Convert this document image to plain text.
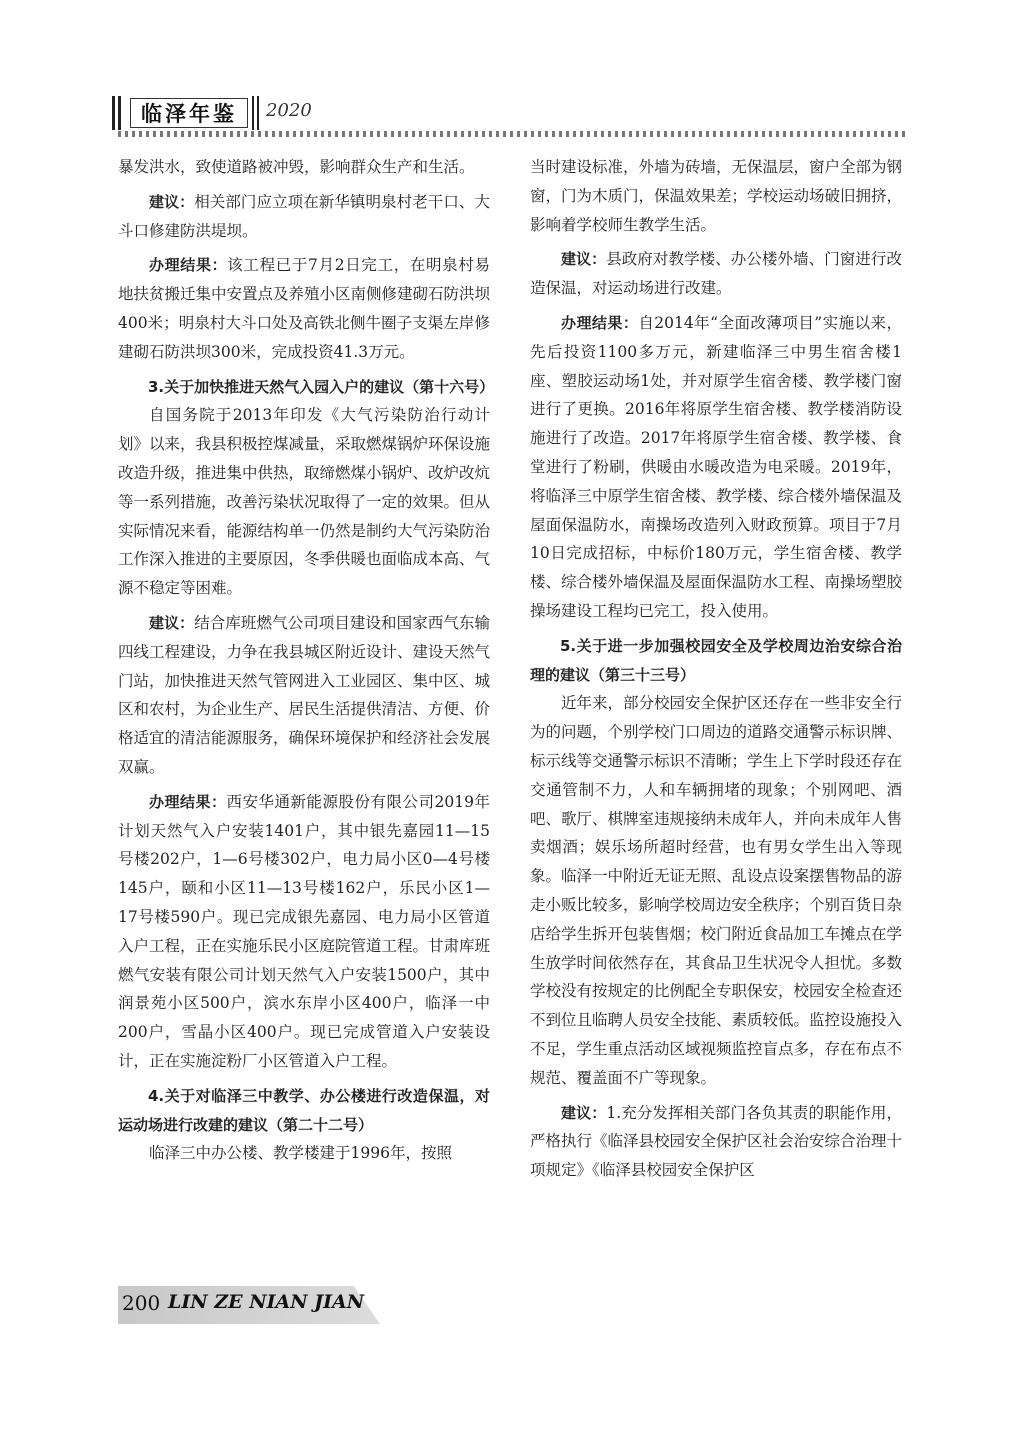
临泽年鉴	2020

暴发洪水，致使道路被冲毁，影响群众生产和生活。

建议：相关部门应立项在新华镇明泉村老干口、大斗口修建防洪堤坝。

办理结果：该工程已于7月2日完工，在明泉村易地扶贫搬迁集中安置点及养殖小区南侧修建砌石防洪坝400米；明泉村大斗口处及高铁北侧牛圈子支渠左岸修建砌石防洪坝300米，完成投资41.3万元。

3.关于加快推进天然气入园入户的建议（第十六号）

自国务院于2013年印发《大气污染防治行动计划》以来，我县积极控煤减量，采取燃煤锅炉环保设施改造升级，推进集中供热，取缔燃煤小锅炉、改炉改炕等一系列措施，改善污染状况取得了一定的效果。但从实际情况来看，能源结构单一仍然是制约大气污染防治工作深入推进的主要原因，冬季供暖也面临成本高、气源不稳定等困难。

建议：结合库班燃气公司项目建设和国家西气东输四线工程建设，力争在我县城区附近设计、建设天然气门站，加快推进天然气管网进入工业园区、集中区、城区和农村，为企业生产、居民生活提供清洁、方便、价格适宜的清洁能源服务，确保环境保护和经济社会发展双赢。

办理结果：西安华通新能源股份有限公司2019年计划天然气入户安装1401户，其中银先嘉园11—15号楼202户，1—6号楼302户，电力局小区0—4号楼145户，颐和小区11—13号楼162户，乐民小区1—17号楼590户。现已完成银先嘉园、电力局小区管道入户工程，正在实施乐民小区庭院管道工程。甘肃库班燃气安装有限公司计划天然气入户安装1500户，其中润景苑小区500户，滨水东岸小区400户，临泽一中200户，雪晶小区400户。现已完成管道入户安装设计，正在实施淀粉厂小区管道入户工程。

4.关于对临泽三中教学、办公楼进行改造保温，对运动场进行改建的建议（第二十二号）

临泽三中办公楼、教学楼建于1996年，按照

当时建设标准，外墙为砖墙，无保温层，窗户全部为钢窗，门为木质门，保温效果差；学校运动场破旧拥挤，影响着学校师生教学生活。

建议：县政府对教学楼、办公楼外墙、门窗进行改造保温，对运动场进行改建。

办理结果：自2014年“全面改薄项目”实施以来，先后投资1100多万元，新建临泽三中男生宿舍楼1座、塑胶运动场1处，并对原学生宿舍楼、教学楼门窗进行了更换。2016年将原学生宿舍楼、教学楼消防设施进行了改造。2017年将原学生宿舍楼、教学楼、食堂进行了粉刷，供暖由水暖改造为电采暖。2019年，将临泽三中原学生宿舍楼、教学楼、综合楼外墙保温及屋面保温防水，南操场改造列入财政预算。项目于7月10日完成招标，中标价180万元，学生宿舍楼、教学楼、综合楼外墙保温及屋面保温防水工程、南操场塑胶操场建设工程均已完工，投入使用。

5.关于进一步加强校园安全及学校周边治安综合治理的建议（第三十三号）

近年来，部分校园安全保护区还存在一些非安全行为的问题，个别学校门口周边的道路交通警示标识牌、标示线等交通警示标识不清晰；学生上下学时段还存在交通管制不力，人和车辆拥堵的现象；个别网吧、酒吧、歌厅、棋牌室违规接纳未成年人，并向未成年人售卖烟酒；娱乐场所超时经营，也有男女学生出入等现象。临泽一中附近无证无照、乱设点设案摆售物品的游走小贩比较多，影响学校周边安全秩序；个别百货日杂店给学生拆开包装售烟；校门附近食品加工车摊点在学生放学时间依然存在，其食品卫生状况令人担忧。多数学校没有按规定的比例配全专职保安，校园安全检查还不到位且临聘人员安全技能、素质较低。监控设施投入不足，学生重点活动区域视频监控盲点多，存在布点不规范、覆盖面不广等现象。

建议：1.充分发挥相关部门各负其责的职能作用，严格执行《临泽县校园安全保护区社会治安综合治理十项规定》《临泽县校园安全保护区

200 LIN ZE NIAN JIAN
